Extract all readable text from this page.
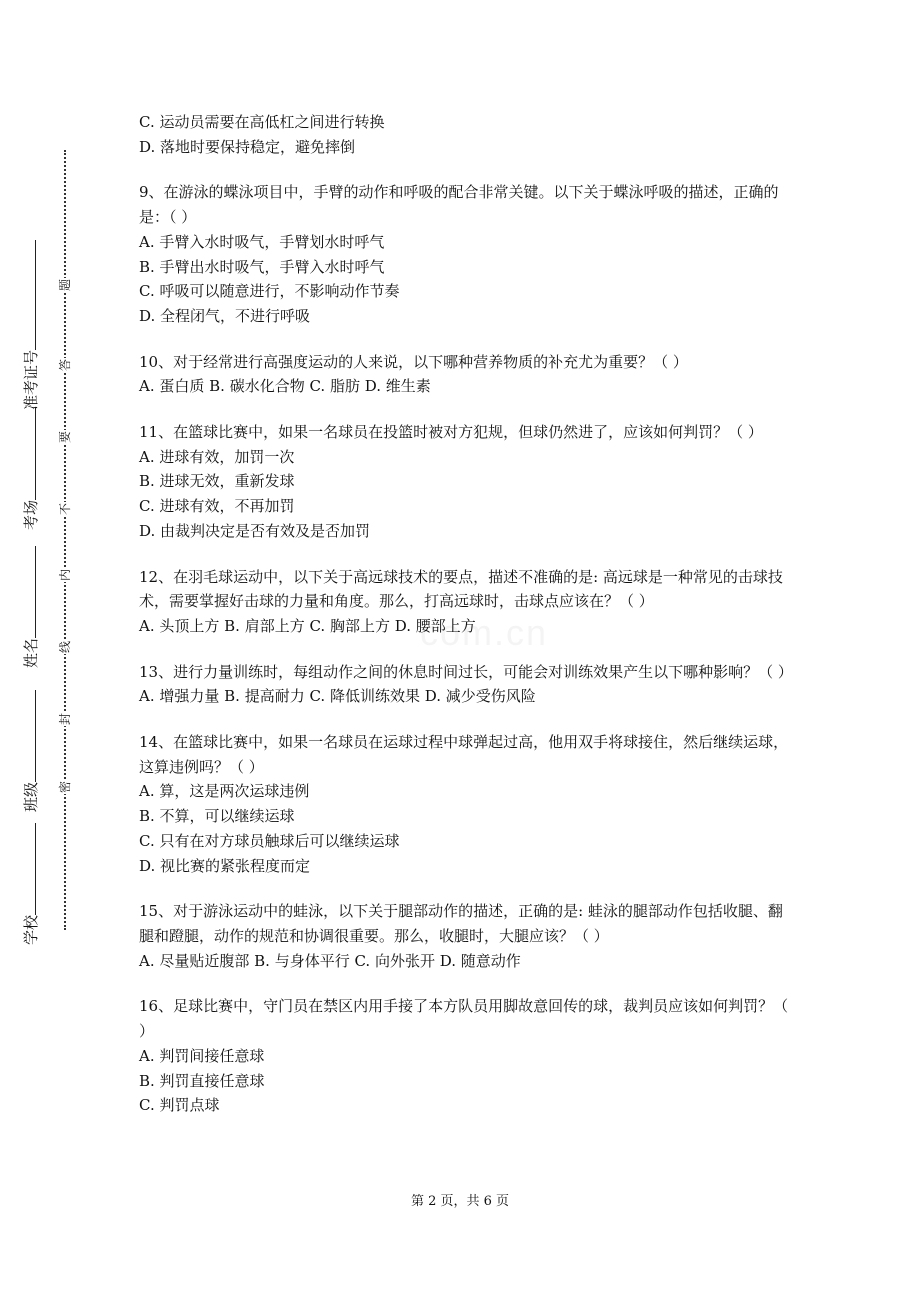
题
答
要
不
内
线
封
密
学校
班级
姓名
考场
准考证号
com.cn

C. 运动员需要在高低杠之间进行转换

D. 落地时要保持稳定，避免摔倒

9、在游泳的蝶泳项目中，手臂的动作和呼吸的配合非常关键。以下关于蝶泳呼吸的描述，正确的是：（ ）

A. 手臂入水时吸气，手臂划水时呼气

B. 手臂出水时吸气，手臂入水时呼气

C. 呼吸可以随意进行，不影响动作节奏

D. 全程闭气，不进行呼吸

10、对于经常进行高强度运动的人来说，以下哪种营养物质的补充尤为重要？（ ）

A. 蛋白质 B. 碳水化合物 C. 脂肪 D. 维生素

11、在篮球比赛中，如果一名球员在投篮时被对方犯规，但球仍然进了，应该如何判罚？（ ）

A. 进球有效，加罚一次

B. 进球无效，重新发球

C. 进球有效，不再加罚

D. 由裁判决定是否有效及是否加罚

12、在羽毛球运动中，以下关于高远球技术的要点，描述不准确的是: 高远球是一种常见的击球技术，需要掌握好击球的力量和角度。那么，打高远球时，击球点应该在？（ ）

A. 头顶上方 B. 肩部上方 C. 胸部上方 D. 腰部上方

13、进行力量训练时，每组动作之间的休息时间过长，可能会对训练效果产生以下哪种影响？（ ）

A. 增强力量 B. 提高耐力 C. 降低训练效果 D. 减少受伤风险

14、在篮球比赛中，如果一名球员在运球过程中球弹起过高，他用双手将球接住，然后继续运球，这算违例吗？（ ）

A. 算，这是两次运球违例

B. 不算，可以继续运球

C. 只有在对方球员触球后可以继续运球

D. 视比赛的紧张程度而定

15、对于游泳运动中的蛙泳，以下关于腿部动作的描述，正确的是: 蛙泳的腿部动作包括收腿、翻腿和蹬腿，动作的规范和协调很重要。那么，收腿时，大腿应该？（ ）

A. 尽量贴近腹部 B. 与身体平行 C. 向外张开 D. 随意动作

16、足球比赛中，守门员在禁区内用手接了本方队员用脚故意回传的球，裁判员应该如何判罚？（ ）

A. 判罚间接任意球

B. 判罚直接任意球

C. 判罚点球

第 2 页，共 6 页
